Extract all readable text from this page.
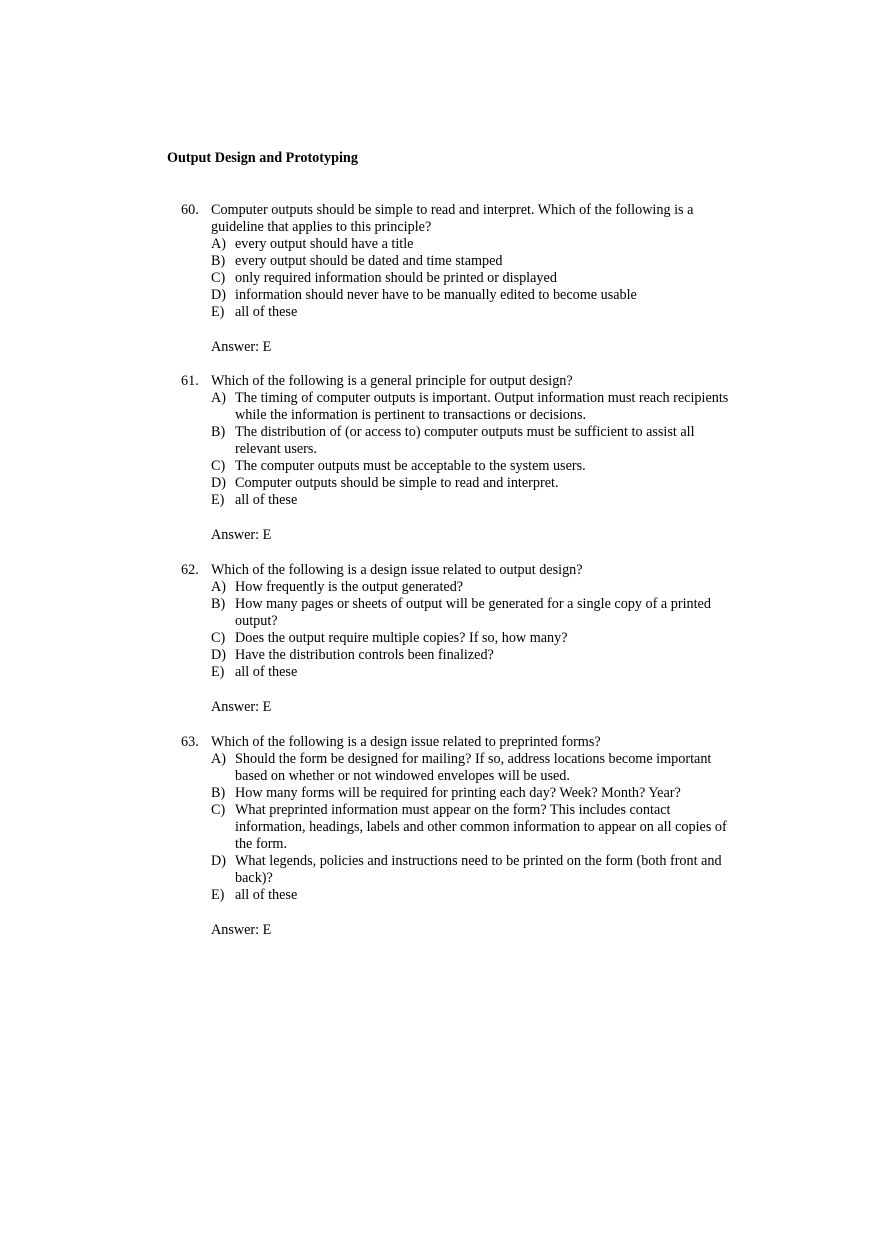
Output Design and Prototyping
60. Computer outputs should be simple to read and interpret. Which of the following is a guideline that applies to this principle?
A) every output should have a title
B) every output should be dated and time stamped
C) only required information should be printed or displayed
D) information should never have to be manually edited to become usable
E) all of these
Answer: E
61. Which of the following is a general principle for output design?
A) The timing of computer outputs is important. Output information must reach recipients while the information is pertinent to transactions or decisions.
B) The distribution of (or access to) computer outputs must be sufficient to assist all relevant users.
C) The computer outputs must be acceptable to the system users.
D) Computer outputs should be simple to read and interpret.
E) all of these
Answer: E
62. Which of the following is a design issue related to output design?
A) How frequently is the output generated?
B) How many pages or sheets of output will be generated for a single copy of a printed output?
C) Does the output require multiple copies? If so, how many?
D) Have the distribution controls been finalized?
E) all of these
Answer: E
63. Which of the following is a design issue related to preprinted forms?
A) Should the form be designed for mailing? If so, address locations become important based on whether or not windowed envelopes will be used.
B) How many forms will be required for printing each day? Week? Month? Year?
C) What preprinted information must appear on the form? This includes contact information, headings, labels and other common information to appear on all copies of the form.
D) What legends, policies and instructions need to be printed on the form (both front and back)?
E) all of these
Answer: E
